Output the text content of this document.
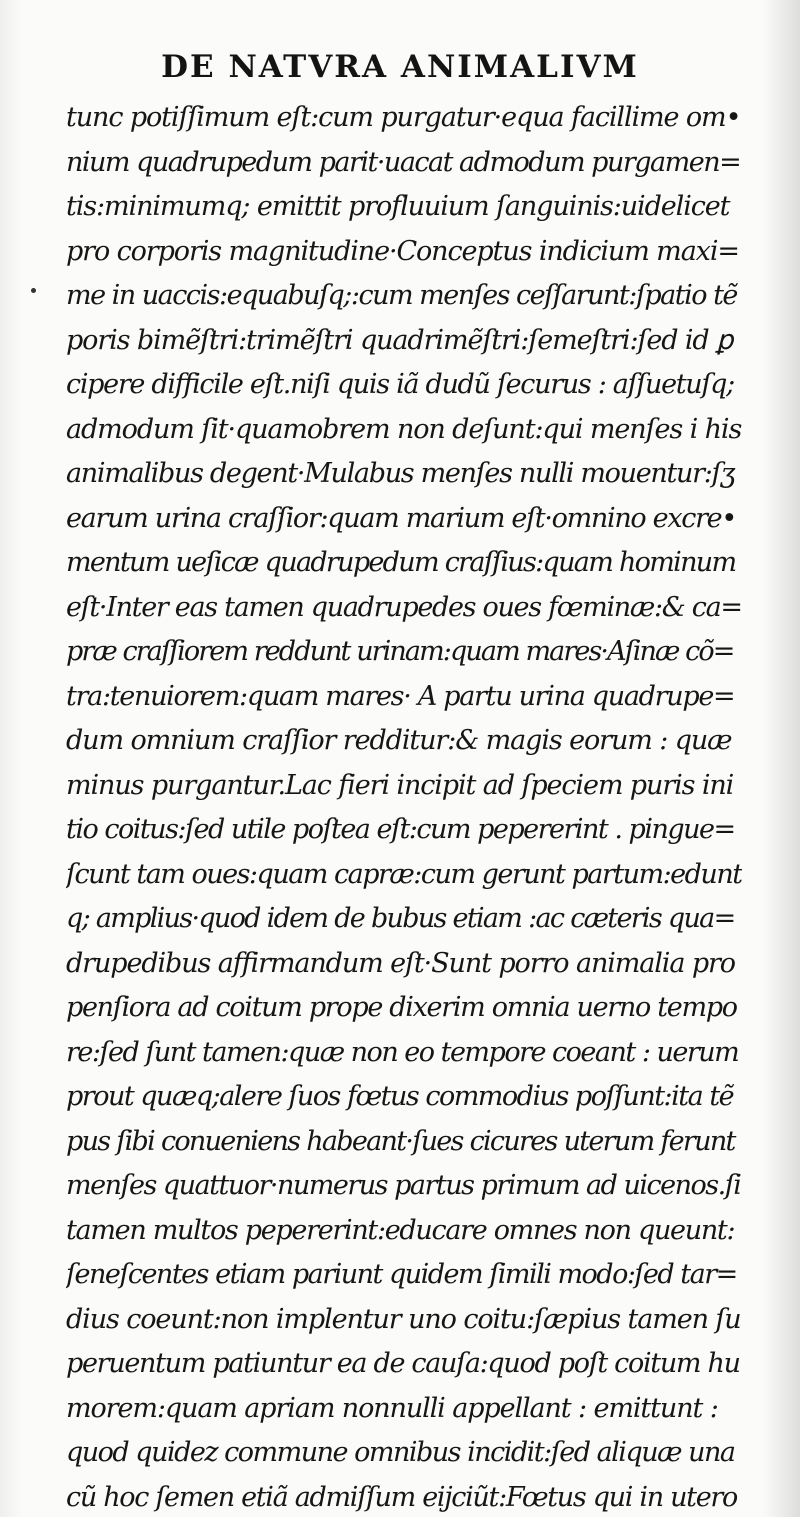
DE NATVRA ANIMALIVM
tunc potiſſimum eſt:cum purgatur·equa facillime om•
nium quadrupedum parit·uacat admodum purgamen=
tis:minimumq; emittit profluuium ſanguinis:uidelicet
pro corporis magnitudine·Conceptus indicium maxi=
me in uaccis:equabuſq;:cum menſes ceſſarunt:ſpatio tẽ
poris bimẽſtri:trimẽſtri quadrimẽſtri:ſemeſtri:ſed id ꝑ
cipere difficile eſt.niſi quis iã dudũ ſecurus : aſſuetuſq;
admodum ſit·quamobrem non deſunt:qui menſes i his
animalibus degent·Mulabus menſes nulli mouentur:ſʒ
earum urina craſſior:quam marium eſt·omnino excre•
mentum ueſicæ quadrupedum craſſius:quam hominum
eſt·Inter eas tamen quadrupedes oues fœminæ:& ca=
præ craſſiorem reddunt urinam:quam mares·Aſinæ cõ=
tra:tenuiorem:quam mares· A partu urina quadrupe=
dum omnium craſſior redditur:& magis eorum : quæ
minus purgantur.Lac fieri incipit ad ſpeciem puris ini
tio coitus:ſed utile poſtea eſt:cum pepererint . pingue=
ſcunt tam oues:quam capræ:cum gerunt partum:edunt
q; amplius·quod idem de bubus etiam :ac cæteris qua=
drupedibus affirmandum eſt·Sunt porro animalia pro
penſiora ad coitum prope dixerim omnia uerno tempo
re:ſed ſunt tamen:quæ non eo tempore coeant : uerum
prout quæq;alere ſuos fœtus commodius poſſunt:ita tẽ
pus ſibi conueniens habeant·ſues cicures uterum ferunt
menſes quattuor·numerus partus primum ad uicenos.ſi
tamen multos pepererint:educare omnes non queunt:
ſeneſcentes etiam pariunt quidem ſimili modo:ſed tar=
dius coeunt:non implentur uno coitu:ſæpius tamen ſu
peruentum patiuntur ea de cauſa:quod poſt coitum hu
morem:quam apriam nonnulli appellant : emittunt :
quod quidez commune omnibus incidit:ſed aliquæ una
cũ hoc ſemen etiã admiſſum eijciũt:Fœtus qui in utero
